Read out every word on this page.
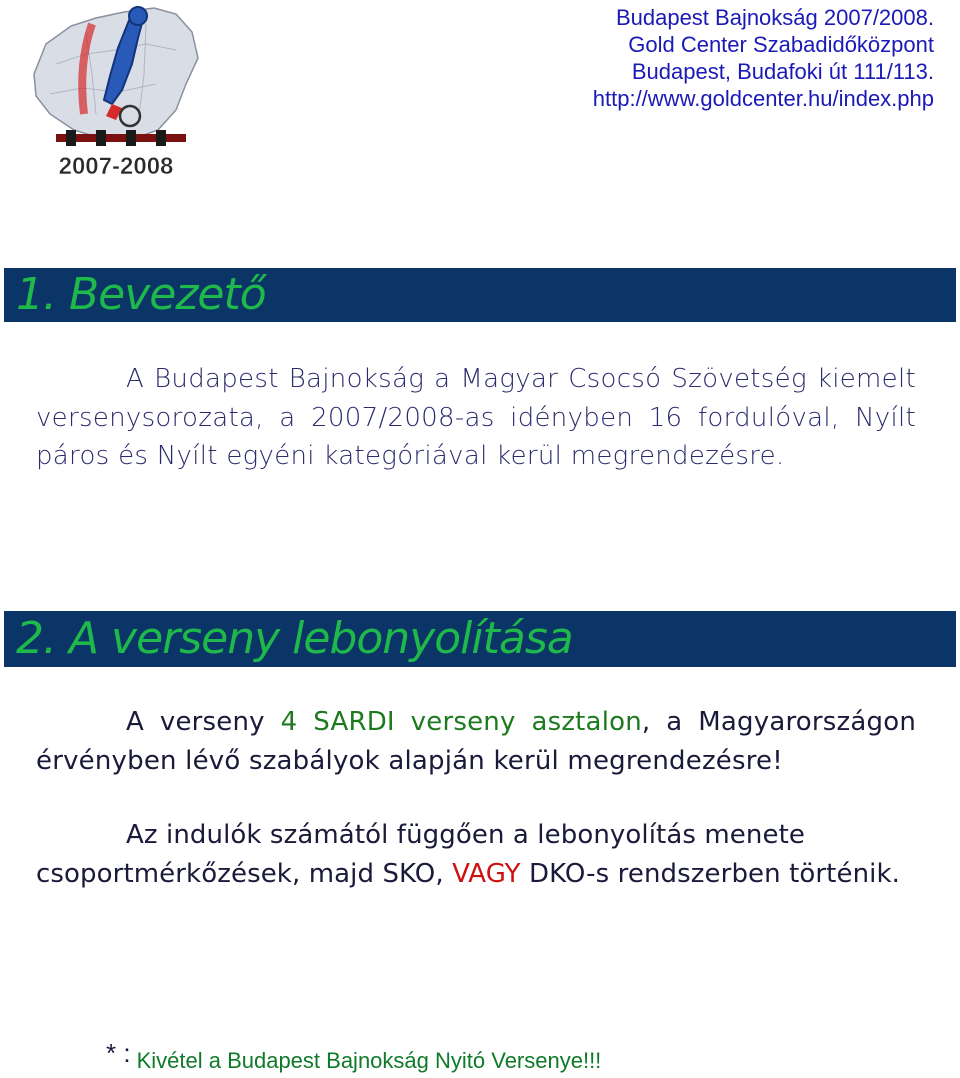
2007-2008
Budapest Bajnokság 2007/2008.
Gold Center Szabadidőközpont
Budapest, Budafoki út 111/113.
http://www.goldcenter.hu/index.php
1. Bevezető
A Budapest Bajnokság a Magyar Csocsó Szövetség kiemelt versenysorozata, a 2007/2008-as idényben 16 fordulóval, Nyílt páros és Nyílt egyéni kategóriával kerül megrendezésre.
2. A verseny lebonyolítása
A verseny 4 SARDI verseny asztalon, a Magyarországon érvényben lévő szabályok alapján kerül megrendezésre!
Az indulók számától függően a lebonyolítás menete csoportmérkőzések, majd SKO, VAGY DKO-s rendszerben történik.
* : Kivétel a Budapest Bajnokság Nyitó Versenye!!!
